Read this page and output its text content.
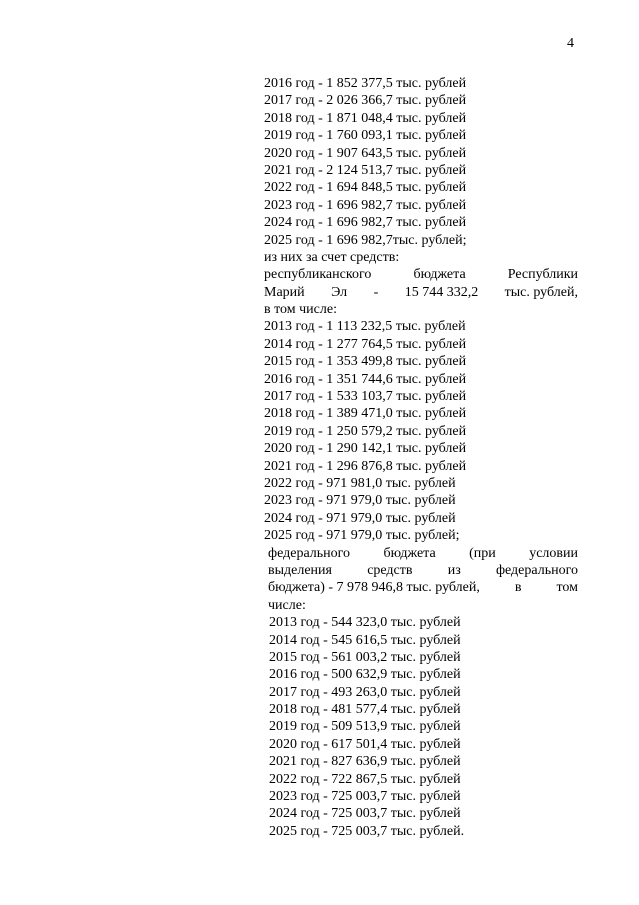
4
2016 год - 1 852 377,5 тыс. рублей
2017 год - 2 026 366,7 тыс. рублей
2018 год - 1 871 048,4 тыс. рублей
2019 год - 1 760 093,1 тыс. рублей
2020 год - 1 907 643,5 тыс. рублей
2021 год - 2 124 513,7 тыс. рублей
2022 год - 1 694 848,5 тыс. рублей
2023 год - 1 696 982,7 тыс. рублей
2024 год - 1 696 982,7 тыс. рублей
2025 год - 1 696 982,7тыс. рублей;
из них за счет средств:
республиканского	бюджета	Республики
Марий Эл - 15 744 332,2 тыс. рублей,
в том числе:
2013 год - 1 113 232,5 тыс. рублей
2014 год - 1 277 764,5 тыс. рублей
2015 год - 1 353 499,8 тыс. рублей
2016 год - 1 351 744,6 тыс. рублей
2017 год - 1 533 103,7 тыс. рублей
2018 год - 1 389 471,0 тыс. рублей
2019 год - 1 250 579,2 тыс. рублей
2020 год - 1 290 142,1 тыс. рублей
2021 год - 1 296 876,8 тыс. рублей
2022 год - 971 981,0 тыс. рублей
2023 год - 971 979,0 тыс. рублей
2024 год - 971 979,0 тыс. рублей
2025 год - 971 979,0 тыс. рублей;
федерального бюджета (при условии
выделения	средств	из	федерального
бюджета) - 7 978 946,8 тыс. рублей, в том
числе:
2013 год - 544 323,0 тыс. рублей
2014 год - 545 616,5 тыс. рублей
2015 год - 561 003,2 тыс. рублей
2016 год - 500 632,9 тыс. рублей
2017 год - 493 263,0 тыс. рублей
2018 год - 481 577,4 тыс. рублей
2019 год - 509 513,9 тыс. рублей
2020 год - 617 501,4 тыс. рублей
2021 год - 827 636,9 тыс. рублей
2022 год - 722 867,5 тыс. рублей
2023 год - 725 003,7 тыс. рублей
2024 год - 725 003,7 тыс. рублей
2025 год - 725 003,7 тыс. рублей.
